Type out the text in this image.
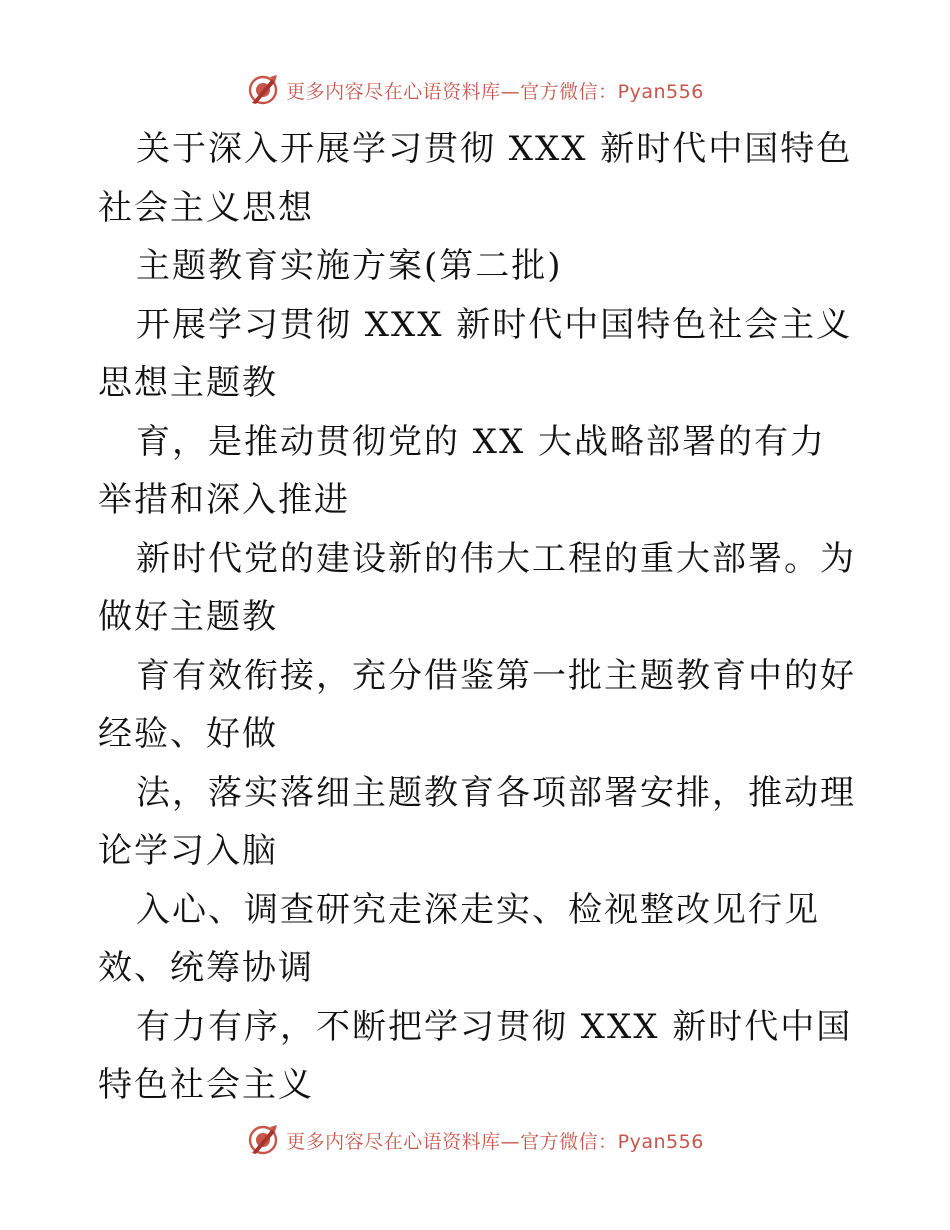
更多内容尽在心语资料库—官方微信：Pyan556

关于深入开展学习贯彻 XXX 新时代中国特色社会主义思想

主题教育实施方案(第二批)

开展学习贯彻 XXX 新时代中国特色社会主义思想主题教

育，是推动贯彻党的 XX 大战略部署的有力举措和深入推进

新时代党的建设新的伟大工程的重大部署。为做好主题教

育有效衔接，充分借鉴第一批主题教育中的好经验、好做

法，落实落细主题教育各项部署安排，推动理论学习入脑

入心、调查研究走深走实、检视整改见行见效、统筹协调

有力有序，不断把学习贯彻 XXX 新时代中国特色社会主义

更多内容尽在心语资料库—官方微信：Pyan556
